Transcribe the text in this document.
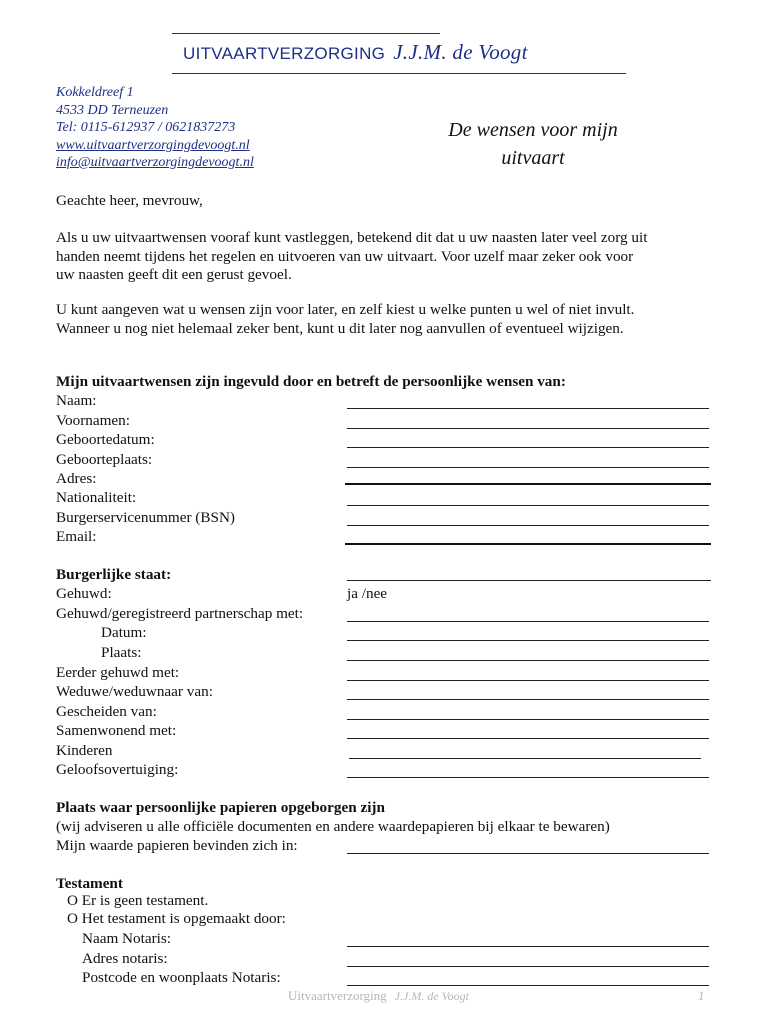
UITVAARTVERZORGING J.J.M. de Voogt
Kokkeldreef 1
4533 DD Terneuzen
Tel: 0115-612937 / 0621837273
www.uitvaartverzorgingdevoogt.nl
info@uitvaartverzorgingdevoogt.nl
De wensen voor mijn
uitvaart
Geachte heer, mevrouw,
Als u uw uitvaartwensen vooraf kunt vastleggen, betekend dit dat u uw naasten later veel zorg uit
handen neemt tijdens het regelen en uitvoeren van uw uitvaart. Voor uzelf maar zeker ook voor
uw naasten geeft dit een gerust gevoel.
U kunt aangeven wat u wensen zijn voor later, en zelf kiest u welke punten u wel of niet invult.
Wanneer u nog niet helemaal zeker bent, kunt u dit later nog aanvullen of eventueel wijzigen.
Mijn uitvaartwensen zijn ingevuld door en betreft de persoonlijke wensen van:
Naam:
Voornamen:
Geboortedatum:
Geboorteplaats:
Adres:
Nationaliteit:
Burgerservicenummer (BSN)
Email:
Burgerlijke staat:
Gehuwd:	ja /nee
Gehuwd/geregistreerd partnerschap met:
Datum:
Plaats:
Eerder gehuwd met:
Weduwe/weduwnaar van:
Gescheiden van:
Samenwonend met:
Kinderen
Geloofsovertuiging:
Plaats waar persoonlijke papieren opgeborgen zijn
(wij adviseren u alle officiële documenten en andere waardepapieren bij elkaar te bewaren)
Mijn waarde papieren bevinden zich in:
Testament
O Er is geen testament.
O Het testament is opgemaakt door:
Naam Notaris:
Adres notaris:
Postcode en woonplaats Notaris:
Uitvaartverzorging J.J.M. de Voogt	1
